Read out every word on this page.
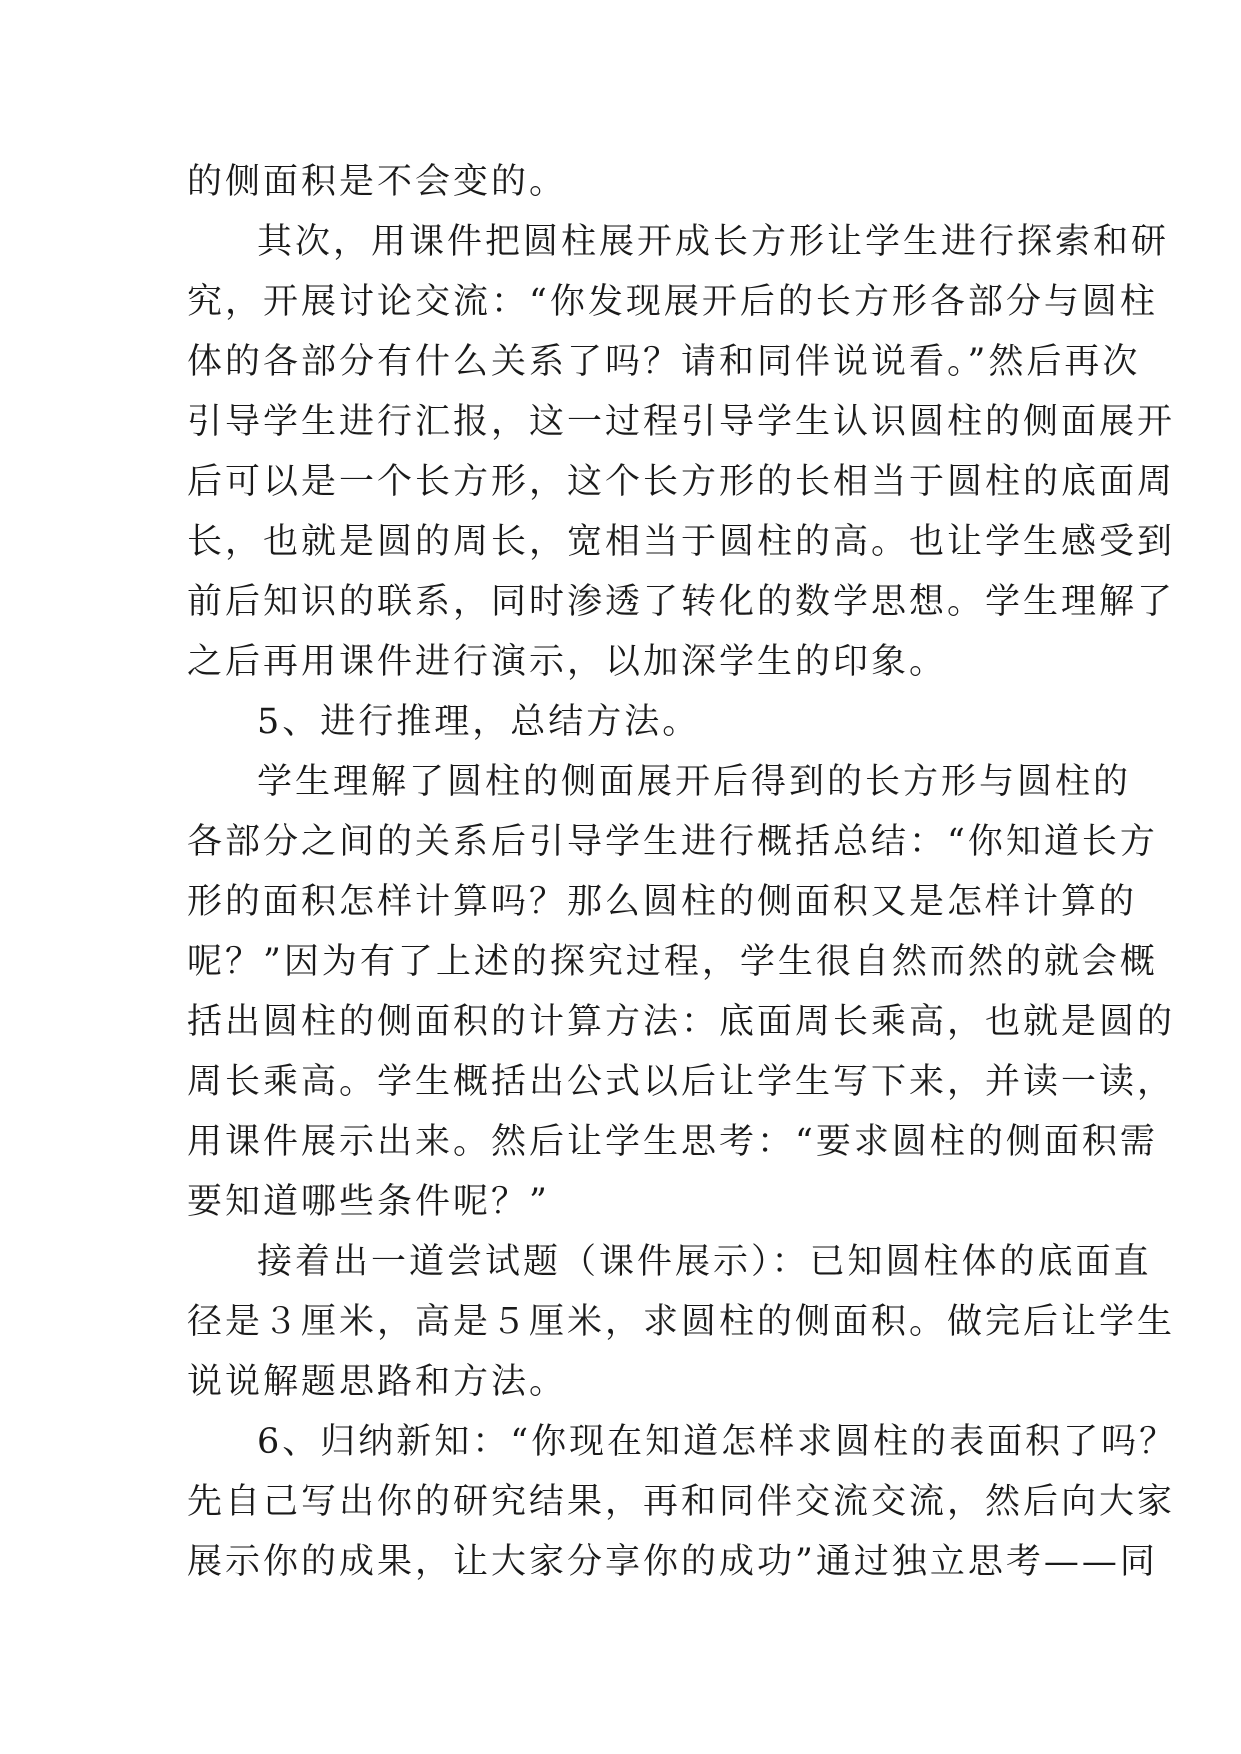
的侧面积是不会变的。
其次，用课件把圆柱展开成长方形让学生进行探索和研
究，开展讨论交流：“你发现展开后的长方形各部分与圆柱
体的各部分有什么关系了吗？请和同伴说说看。”然后再次
引导学生进行汇报，这一过程引导学生认识圆柱的侧面展开
后可以是一个长方形，这个长方形的长相当于圆柱的底面周
长，也就是圆的周长，宽相当于圆柱的高。也让学生感受到
前后知识的联系，同时渗透了转化的数学思想。学生理解了
之后再用课件进行演示，以加深学生的印象。
5、进行推理，总结方法。
学生理解了圆柱的侧面展开后得到的长方形与圆柱的
各部分之间的关系后引导学生进行概括总结：“你知道长方
形的面积怎样计算吗？那么圆柱的侧面积又是怎样计算的
呢？”因为有了上述的探究过程，学生很自然而然的就会概
括出圆柱的侧面积的计算方法：底面周长乘高，也就是圆的
周长乘高。学生概括出公式以后让学生写下来，并读一读，
用课件展示出来。然后让学生思考：“要求圆柱的侧面积需
要知道哪些条件呢？”
接着出一道尝试题（课件展示）：已知圆柱体的底面直
径是３厘米，高是５厘米，求圆柱的侧面积。做完后让学生
说说解题思路和方法。
6、归纳新知：“你现在知道怎样求圆柱的表面积了吗？
先自己写出你的研究结果，再和同伴交流交流，然后向大家
展示你的成果，让大家分享你的成功”通过独立思考——同
